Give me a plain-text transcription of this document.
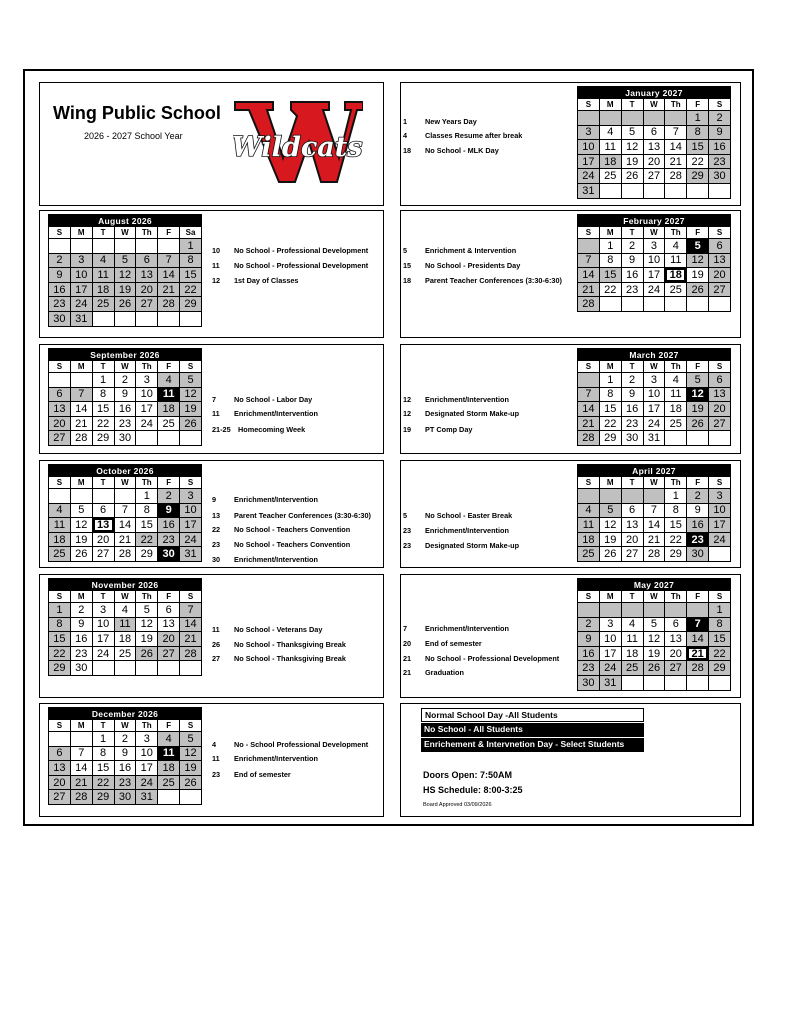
Wing Public School
2026 - 2027 School Year Wildcats
August 2026						
S	M	T	W	Th	F	Sa
						1
2	3	4	5	6	7	8
9	10	11	12	13	14	15
16	17	18	19	20	21	22
23	24	25	26	27	28	29
30	31					
September 2026						
S	M	T	W	Th	F	S
		1	2	3	4	5
6	7	8	9	10	11	12
13	14	15	16	17	18	19
20	21	22	23	24	25	26
27	28	29	30			
October 2026						
S	M	T	W	Th	F	S
				1	2	3
4	5	6	7	8	9	10
11	12	13	14	15	16	17
18	19	20	21	22	23	24
25	26	27	28	29	30	31
November 2026						
S	M	T	W	Th	F	S
1	2	3	4	5	6	7
8	9	10	11	12	13	14
15	16	17	18	19	20	21
22	23	24	25	26	27	28
29	30					
December 2026						
S	M	T	W	Th	F	S
		1	2	3	4	5
6	7	8	9	10	11	12
13	14	15	16	17	18	19
20	21	22	23	24	25	26
27	28	29	30	31		
January 2027						
S	M	T	W	Th	F	S
					1	2
3	4	5	6	7	8	9
10	11	12	13	14	15	16
17	18	19	20	21	22	23
24	25	26	27	28	29	30
31						
February 2027						
S	M	T	W	Th	F	S
	1	2	3	4	5	6
7	8	9	10	11	12	13
14	15	16	17	18	19	20
21	22	23	24	25	26	27
28						
March 2027						
S	M	T	W	Th	F	S
	1	2	3	4	5	6
7	8	9	10	11	12	13
14	15	16	17	18	19	20
21	22	23	24	25	26	27
28	29	30	31			
April 2027						
S	M	T	W	Th	F	S
				1	2	3
4	5	6	7	8	9	10
11	12	13	14	15	16	17
18	19	20	21	22	23	24
25	26	27	28	29	30	
May 2027						
S	M	T	W	Th	F	S
						1
2	3	4	5	6	7	8
9	10	11	12	13	14	15
16	17	18	19	20	21	22
23	24	25	26	27	28	29
30	31					
Normal School Day -All Students
No School - All Students
Enrichement & Intervnetion Day - Select Students
Doors Open: 7:50AM
HS Schedule: 8:00-3:25
Board Approved 03/09/2026
10 No School - Professional Development
11 No School - Professional Development
12 1st Day of Classes
7 No School - Labor Day
11 Enrichment/Intervention
21-25 Homecoming Week
9 Enrichment/Intervention
13 Parent Teacher Conferences (3:30-6:30)
22 No School - Teachers Convention
23 No School - Teachers Convention
30 Enrichment/Intervention
11 No School - Veterans Day
26 No School - Thanksgiving Break
27 No School - Thanksgiving Break
4 No - School Professional Development
11 Enrichment/Intervention
23 End of semester
1 New Years Day
4 Classes Resume after break
18 No School - MLK Day
5 Enrichment & Intervention
15 No School - Presidents Day
18 Parent Teacher Conferences (3:30-6:30)
12 Enrichment/Intervention
12 Designated Storm Make-up
19 PT Comp Day
5 No School - Easter Break
23 Enrichment/Intervention
23 Designated Storm Make-up
7 Enrichment/Intervention
20 End of semester
21 No School - Professional Development
21 Graduation
